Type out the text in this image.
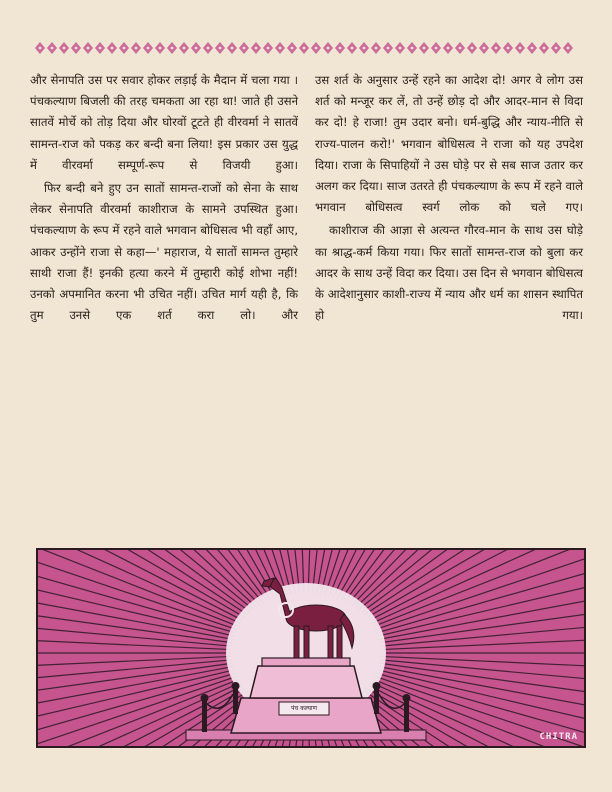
और सेनापति उस पर सवार होकर लड़ाई के मैदान में चला गया । पंचकल्याण बिजली की तरह चमकता आ रहा था! जाते ही उसने सातवें मोर्चे को तोड़ दिया और घोरवों टूटते ही वीरवर्मा ने सातवें सामन्त-राज को पकड़ कर बन्दी बना लिया! इस प्रकार उस युद्ध में वीरवर्मा सम्पूर्ण-रूप से विजयी हुआ।

फिर बन्दी बने हुए उन सातों सामन्त-राजों को सेना के साथ लेकर सेनापति वीरवर्मा काशीराज के सामने उपस्थित हुआ। पंचकल्याण के रूप में रहने वाले भगवान बोधिसत्व भी वहाँ आए, आकर उन्होंने राजा से कहा—' महाराज, ये सातों सामन्त तुम्हारे साथी राजा हैं! इनकी हत्या करने में तुम्हारी कोई शोभा नहीं! उनको अपमानित करना भी उचित नहीं। उचित मार्ग यही है, कि तुम उनसे एक शर्त करा लो। और

उस शर्त के अनुसार उन्हें रहने का आदेश दो! अगर वे लोग उस शर्त को मन्जूर कर लें, तो उन्हें छोड़ दो और आदर-मान से विदा कर दो! हे राजा! तुम उदार बनो। धर्म-बुद्धि और न्याय-नीति से राज्य-पालन करो!' भगवान बोधिसत्व ने राजा को यह उपदेश दिया। राजा के सिपाहियों ने उस घोड़े पर से सब साज उतार कर अलग कर दिया। साज उतरते ही पंचकल्याण के रूप में रहने वाले भगवान बोधिसत्व स्वर्ग लोक को चले गए।

काशीराज की आज्ञा से अत्यन्त गौरव-मान के साथ उस घोड़े का श्राद्ध-कर्म किया गया। फिर सातों सामन्त-राज को बुला कर आदर के साथ उन्हें विदा कर दिया। उस दिन से भगवान बोधिसत्व के आदेशानुसार काशी-राज्य में न्याय और धर्म का शासन स्थापित हो गया।

CHITRA
पंच कल्याण
